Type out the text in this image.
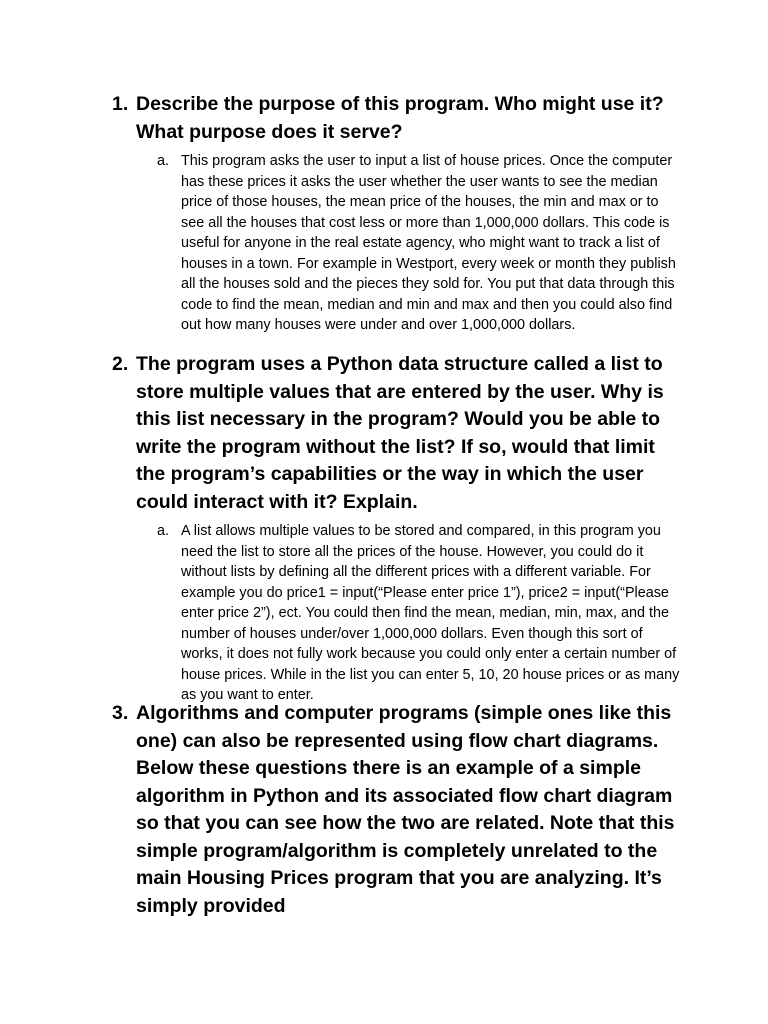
1. Describe the purpose of this program. Who might use it? What purpose does it serve?
a. This program asks the user to input a list of house prices. Once the computer has these prices it asks the user whether the user wants to see the median price of those houses, the mean price of the houses, the min and max or to see all the houses that cost less or more than 1,000,000 dollars. This code is useful for anyone in the real estate agency, who might want to track a list of houses in a town. For example in Westport, every week or month they publish all the houses sold and the pieces they sold for. You put that data through this code to find the mean, median and min and max and then you could also find out how many houses were under and over 1,000,000 dollars.
2. The program uses a Python data structure called a list to store multiple values that are entered by the user. Why is this list necessary in the program? Would you be able to write the program without the list? If so, would that limit the program’s capabilities or the way in which the user could interact with it? Explain.
a. A list allows multiple values to be stored and compared, in this program you need the list to store all the prices of the house. However, you could do it without lists by defining all the different prices with a different variable. For example you do price1 = input(“Please enter price 1”), price2 = input(“Please enter price 2”), ect. You could then find the mean, median, min, max, and the number of houses under/over 1,000,000 dollars. Even though this sort of works, it does not fully work because you could only enter a certain number of house prices. While in the list you can enter 5, 10, 20 house prices or as many as you want to enter.
3. Algorithms and computer programs (simple ones like this one) can also be represented using flow chart diagrams. Below these questions there is an example of a simple algorithm in Python and its associated flow chart diagram so that you can see how the two are related. Note that this simple program/algorithm is completely unrelated to the main Housing Prices program that you are analyzing. It’s simply provided
